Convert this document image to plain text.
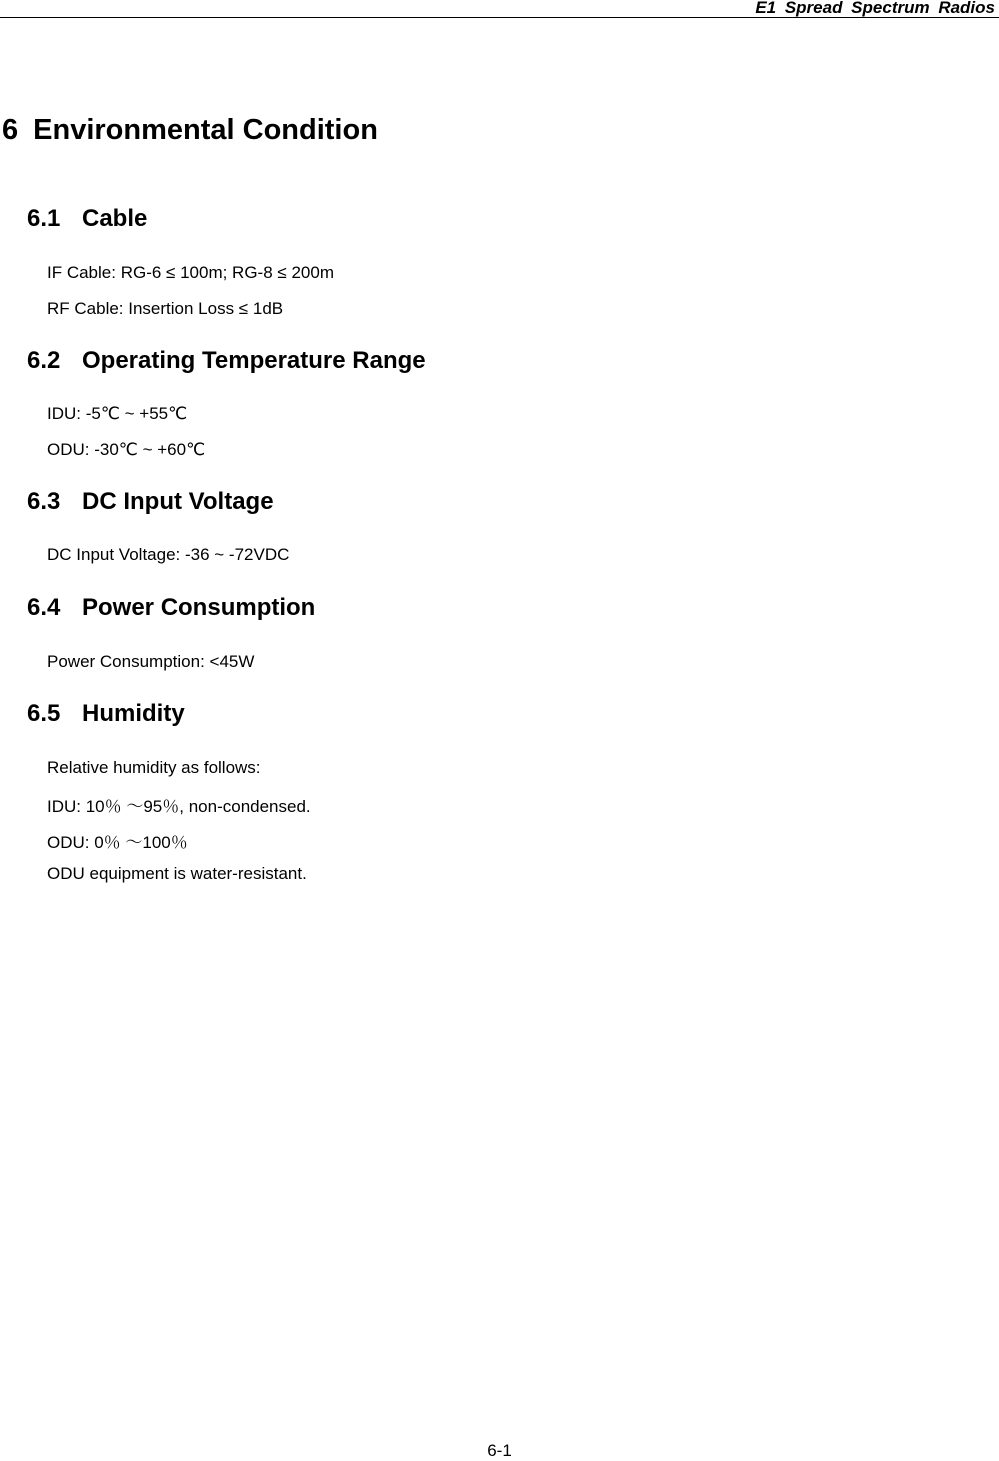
E1 Spread Spectrum Radios
6 Environmental Condition
6.1 Cable
IF Cable: RG-6 ≤ 100m; RG-8 ≤ 200m
RF Cable: Insertion Loss ≤ 1dB
6.2 Operating Temperature Range
IDU: -5℃ ~ +55℃
ODU: -30℃ ~ +60℃
6.3 DC Input Voltage
DC Input Voltage: -36 ~ -72VDC
6.4 Power Consumption
Power Consumption: <45W
6.5 Humidity
Relative humidity as follows:
IDU: 10％ ～95％, non-condensed.
ODU: 0％ ～100％
ODU equipment is water-resistant.
6-1
